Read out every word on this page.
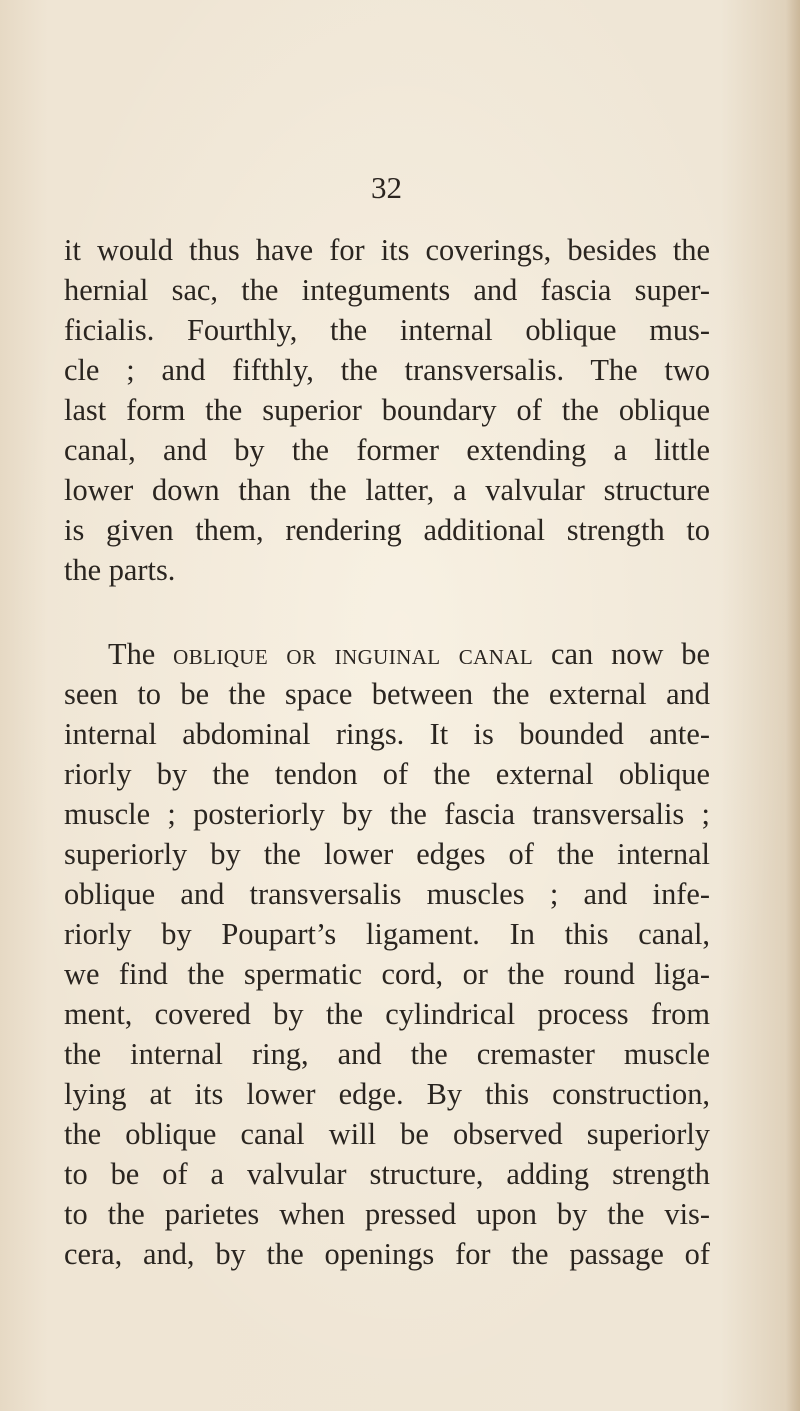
32

it would thus have for its coverings, besides the
hernial sac, the integuments and fascia super-
ficialis. Fourthly, the internal oblique mus-
cle ; and fifthly, the transversalis. The two
last form the superior boundary of the oblique
canal, and by the former extending a little
lower down than the latter, a valvular structure
is given them, rendering additional strength to
the parts.
The oblique or inguinal canal can now be
seen to be the space between the external and
internal abdominal rings. It is bounded ante-
riorly by the tendon of the external oblique
muscle ; posteriorly by the fascia transversalis ;
superiorly by the lower edges of the internal
oblique and transversalis muscles ; and infe-
riorly by Poupart’s ligament. In this canal,
we find the spermatic cord, or the round liga-
ment, covered by the cylindrical process from
the internal ring, and the cremaster muscle
lying at its lower edge. By this construction,
the oblique canal will be observed superiorly
to be of a valvular structure, adding strength
to the parietes when pressed upon by the vis-
cera, and, by the openings for the passage of
